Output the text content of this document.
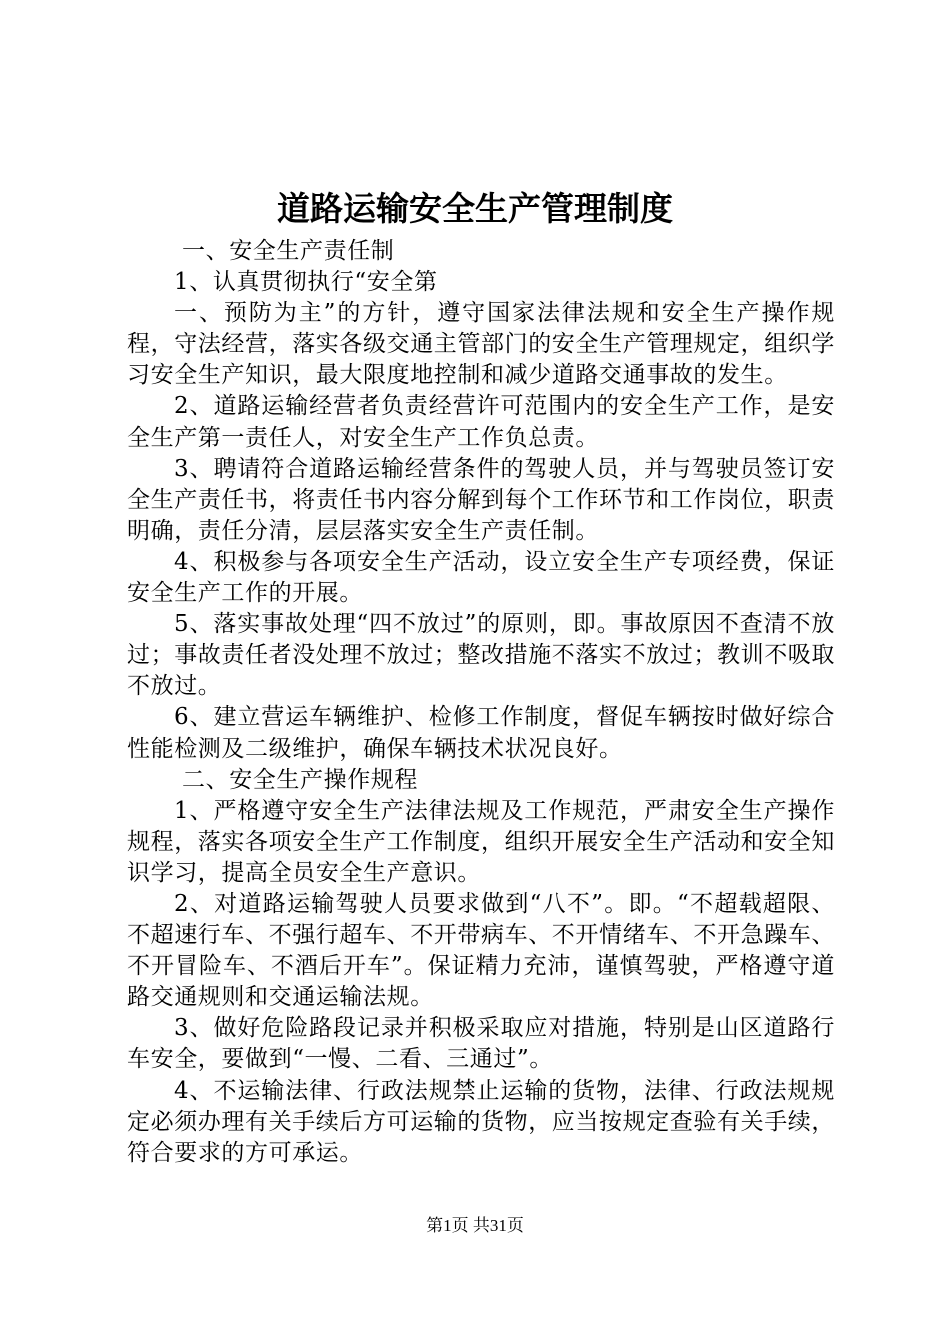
道路运输安全生产管理制度

一、安全生产责任制

1、认真贯彻执行“安全第

一、预防为主”的方针，遵守国家法律法规和安全生产操作规程，守法经营，落实各级交通主管部门的安全生产管理规定，组织学习安全生产知识，最大限度地控制和减少道路交通事故的发生。

2、道路运输经营者负责经营许可范围内的安全生产工作，是安全生产第一责任人，对安全生产工作负总责。

3、聘请符合道路运输经营条件的驾驶人员，并与驾驶员签订安全生产责任书，将责任书内容分解到每个工作环节和工作岗位，职责明确，责任分清，层层落实安全生产责任制。

4、积极参与各项安全生产活动，设立安全生产专项经费，保证安全生产工作的开展。

5、落实事故处理“四不放过”的原则，即。事故原因不查清不放过；事故责任者没处理不放过；整改措施不落实不放过；教训不吸取不放过。

6、建立营运车辆维护、检修工作制度，督促车辆按时做好综合性能检测及二级维护，确保车辆技术状况良好。

二、安全生产操作规程

1、严格遵守安全生产法律法规及工作规范，严肃安全生产操作规程，落实各项安全生产工作制度，组织开展安全生产活动和安全知识学习，提高全员安全生产意识。

2、对道路运输驾驶人员要求做到“八不”。即。“不超载超限、不超速行车、不强行超车、不开带病车、不开情绪车、不开急躁车、不开冒险车、不酒后开车”。保证精力充沛，谨慎驾驶，严格遵守道路交通规则和交通运输法规。

3、做好危险路段记录并积极采取应对措施，特别是山区道路行车安全，要做到“一慢、二看、三通过”。

4、不运输法律、行政法规禁止运输的货物，法律、行政法规规定必须办理有关手续后方可运输的货物，应当按规定查验有关手续，符合要求的方可承运。

第1页 共31页
